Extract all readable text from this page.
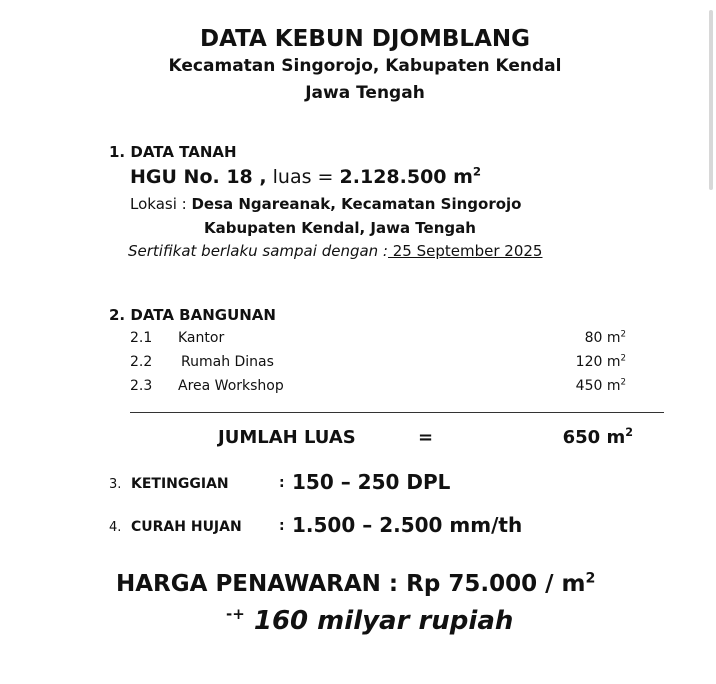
DATA KEBUN DJOMBLANG
Kecamatan Singorojo, Kabupaten Kendal
Jawa Tengah
1. DATA TANAH
HGU No. 18 , luas = 2.128.500 $m^2$
Lokasi : Desa Ngareanak, Kecamatan Singorojo
Kabupaten Kendal, Jawa Tengah
Sertifikat berlaku sampai dengan : 25 September 2025
2. DATA BANGUNAN
2.1 Kantor	80 $m^2$
2.2 Rumah Dinas	120 $m^2$
2.3 Area Workshop	450 $m^2$
JUMLAH LUAS	=	650 $m^2$
3. KETINGGIAN	: 150 – 250 DPL
4. CURAH HUJAN	: 1.500 – 2.500 mm/th
HARGA PENAWARAN : Rp $75.000 / m^2$
-+ 160 milyar rupiah
